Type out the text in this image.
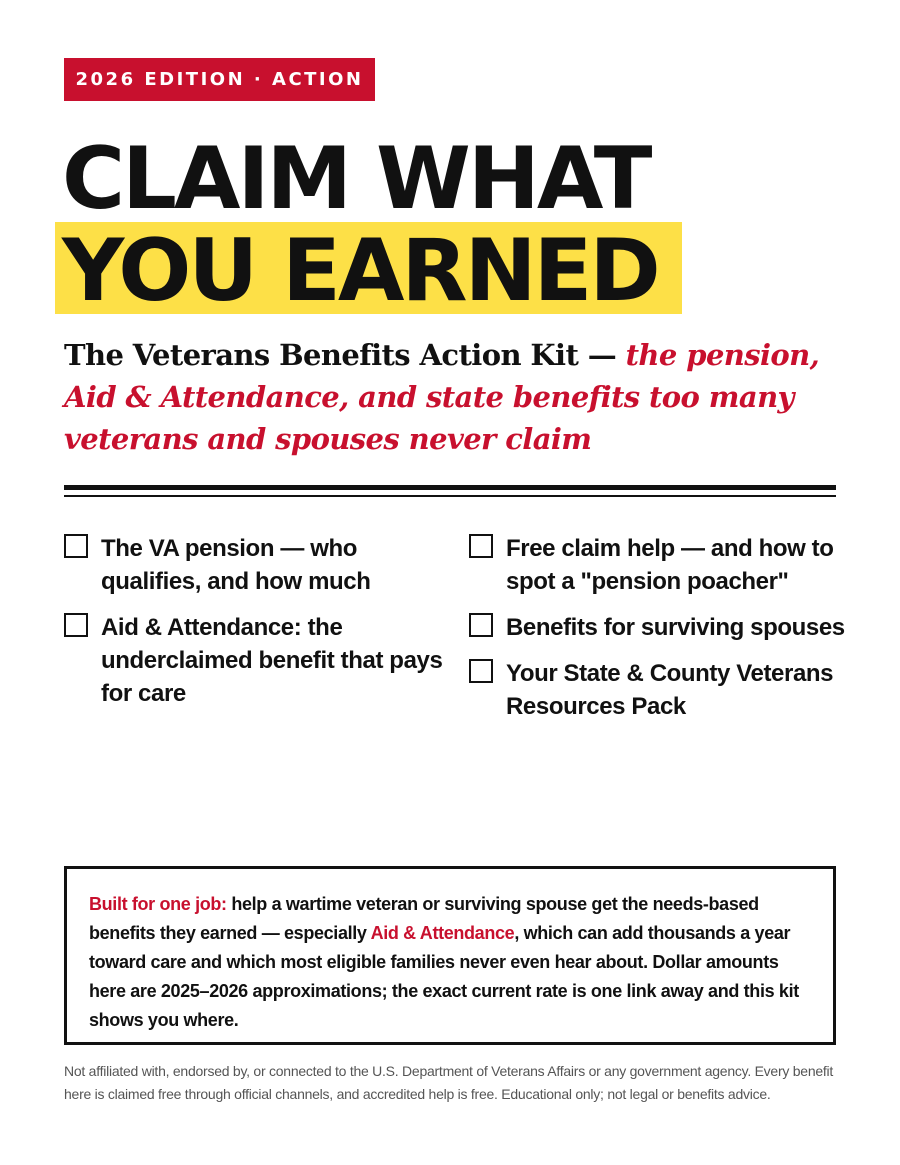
2026 EDITION · ACTION KIT
CLAIM WHAT
YOU EARNED

The Veterans Benefits Action Kit — the pension, Aid & Attendance, and state benefits too many veterans and spouses never claim

The VA pension — who qualifies, and how much
Aid & Attendance: the underclaimed benefit that pays for care
Free claim help — and how to spot a "pension poacher"
Benefits for surviving spouses
Your State & County Veterans Resources Pack

Built for one job: help a wartime veteran or surviving spouse get the needs-based benefits they earned — especially Aid & Attendance, which can add thousands a year toward care and which most eligible families never even hear about. Dollar amounts here are 2025–2026 approximations; the exact current rate is one link away and this kit shows you where.

Not affiliated with, endorsed by, or connected to the U.S. Department of Veterans Affairs or any government agency. Every benefit here is claimed free through official channels, and accredited help is free. Educational only; not legal or benefits advice.
